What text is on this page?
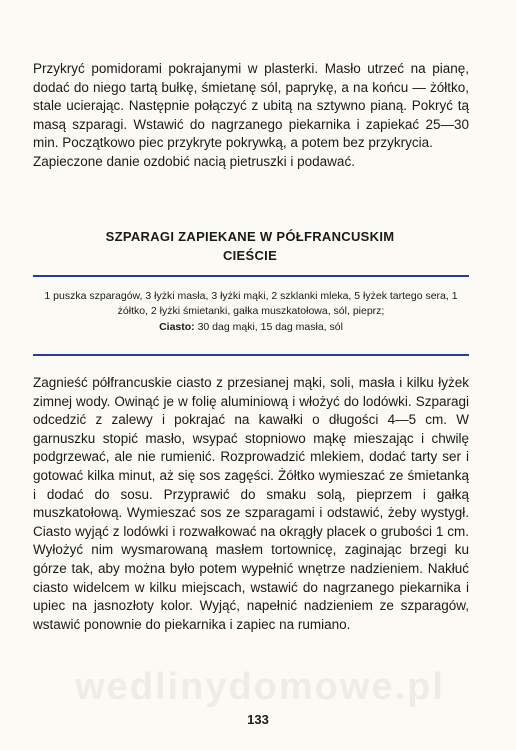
Przykryć pomidorami pokrajanymi w plasterki. Masło utrzeć na pianę, dodać do niego tartą bułkę, śmietanę sól, paprykę, a na końcu — żółtko, stale ucierając. Następnie połączyć z ubitą na sztywno pianą. Pokryć tą masą szparagi. Wstawić do nagrzanego piekarnika i zapiekać 25—30 min. Początkowo piec przykryte pokrywką, a potem bez przykrycia.

Zapieczone danie ozdobić nacią pietruszki i podawać.

SZPARAGI ZAPIEKANE W PÓŁFRANCUSKIM
CIEŚCIE

1 puszka szparagów, 3 łyżki masła, 3 łyżki mąki, 2 szklanki mleka, 5 łyżek tartego sera, 1 żółtko, 2 łyżki śmietanki, gałka muszkatołowa, sól, pieprz;

Ciasto: 30 dag mąki, 15 dag masła, sól

Zagnieść półfrancuskie ciasto z przesianej mąki, soli, masła i kilku łyżek zimnej wody. Owinąć je w folię aluminiową i włożyć do lodówki. Szparagi odcedzić z zalewy i pokrajać na kawałki o długości 4—5 cm. W garnuszku stopić masło, wsypać stopniowo mąkę mieszając i chwilę podgrzewać, ale nie rumienić. Rozprowadzić mlekiem, dodać tarty ser i gotować kilka minut, aż się sos zagęści. Żółtko wymieszać ze śmietanką i dodać do sosu. Przyprawić do smaku solą, pieprzem i gałką muszkatołową. Wymieszać sos ze szparagami i odstawić, żeby wystygł. Ciasto wyjąć z lodówki i rozwałkować na okrągły placek o grubości 1 cm. Wyłożyć nim wysmarowaną masłem tortownicę, zaginając brzegi ku górze tak, aby można było potem wypełnić wnętrze nadzieniem. Nakłuć ciasto widelcem w kilku miejscach, wstawić do nagrzanego piekarnika i upiec na jasnozłoty kolor. Wyjąć, napełnić nadzieniem ze szparagów, wstawić ponownie do piekarnika i zapiec na rumiano.

wedlinydomowe.pl
133
